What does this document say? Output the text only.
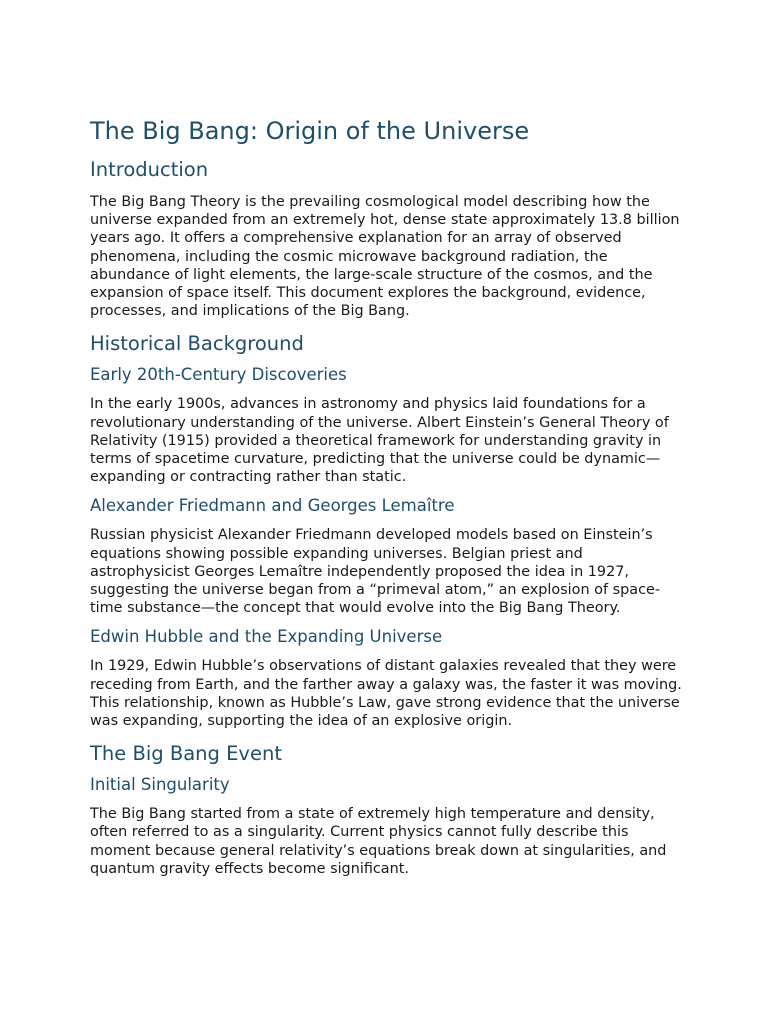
The Big Bang: Origin of the Universe
Introduction

The Big Bang Theory is the prevailing cosmological model describing how the universe expanded from an extremely hot, dense state approximately 13.8 billion years ago. It offers a comprehensive explanation for an array of observed phenomena, including the cosmic microwave background radiation, the abundance of light elements, the large-scale structure of the cosmos, and the expansion of space itself. This document explores the background, evidence, processes, and implications of the Big Bang.

Historical Background
Early 20th-Century Discoveries

In the early 1900s, advances in astronomy and physics laid foundations for a revolutionary understanding of the universe. Albert Einstein’s General Theory of Relativity (1915) provided a theoretical framework for understanding gravity in terms of spacetime curvature, predicting that the universe could be dynamic—expanding or contracting rather than static.

Alexander Friedmann and Georges Lemaître

Russian physicist Alexander Friedmann developed models based on Einstein’s equations showing possible expanding universes. Belgian priest and astrophysicist Georges Lemaître independently proposed the idea in 1927, suggesting the universe began from a “primeval atom,” an explosion of space-time substance—the concept that would evolve into the Big Bang Theory.

Edwin Hubble and the Expanding Universe

In 1929, Edwin Hubble’s observations of distant galaxies revealed that they were receding from Earth, and the farther away a galaxy was, the faster it was moving. This relationship, known as Hubble’s Law, gave strong evidence that the universe was expanding, supporting the idea of an explosive origin.

The Big Bang Event
Initial Singularity

The Big Bang started from a state of extremely high temperature and density, often referred to as a singularity. Current physics cannot fully describe this moment because general relativity’s equations break down at singularities, and quantum gravity effects become significant.
